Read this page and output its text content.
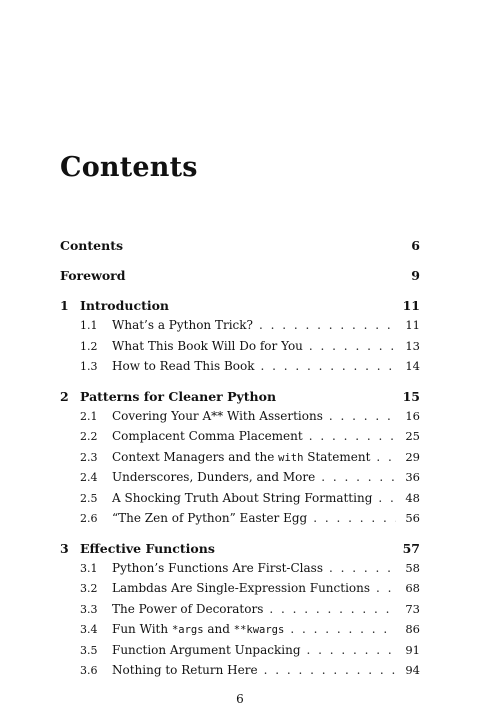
Contents
Contents	6
Foreword	9
1 Introduction	11
1.1	What’s a Python Trick? . . .	11
1.2	What This Book Will Do for You . . .	13
1.3	How to Read This Book . . .	14
2 Patterns for Cleaner Python	15
2.1	Covering Your A** With Assertions . . .	16
2.2	Complacent Comma Placement . . .	25
2.3	Context Managers and the with Statement . . .	29
2.4	Underscores, Dunders, and More . . .	36
2.5	A Shocking Truth About String Formatting . . .	48
2.6	“The Zen of Python” Easter Egg . . .	56
3 Effective Functions	57
3.1	Python’s Functions Are First-Class . . .	58
3.2	Lambdas Are Single-Expression Functions . . .	68
3.3	The Power of Decorators . . .	73
3.4	Fun With *args and **kwargs . . .	86
3.5	Function Argument Unpacking . . .	91
3.6	Nothing to Return Here . . .	94
6
